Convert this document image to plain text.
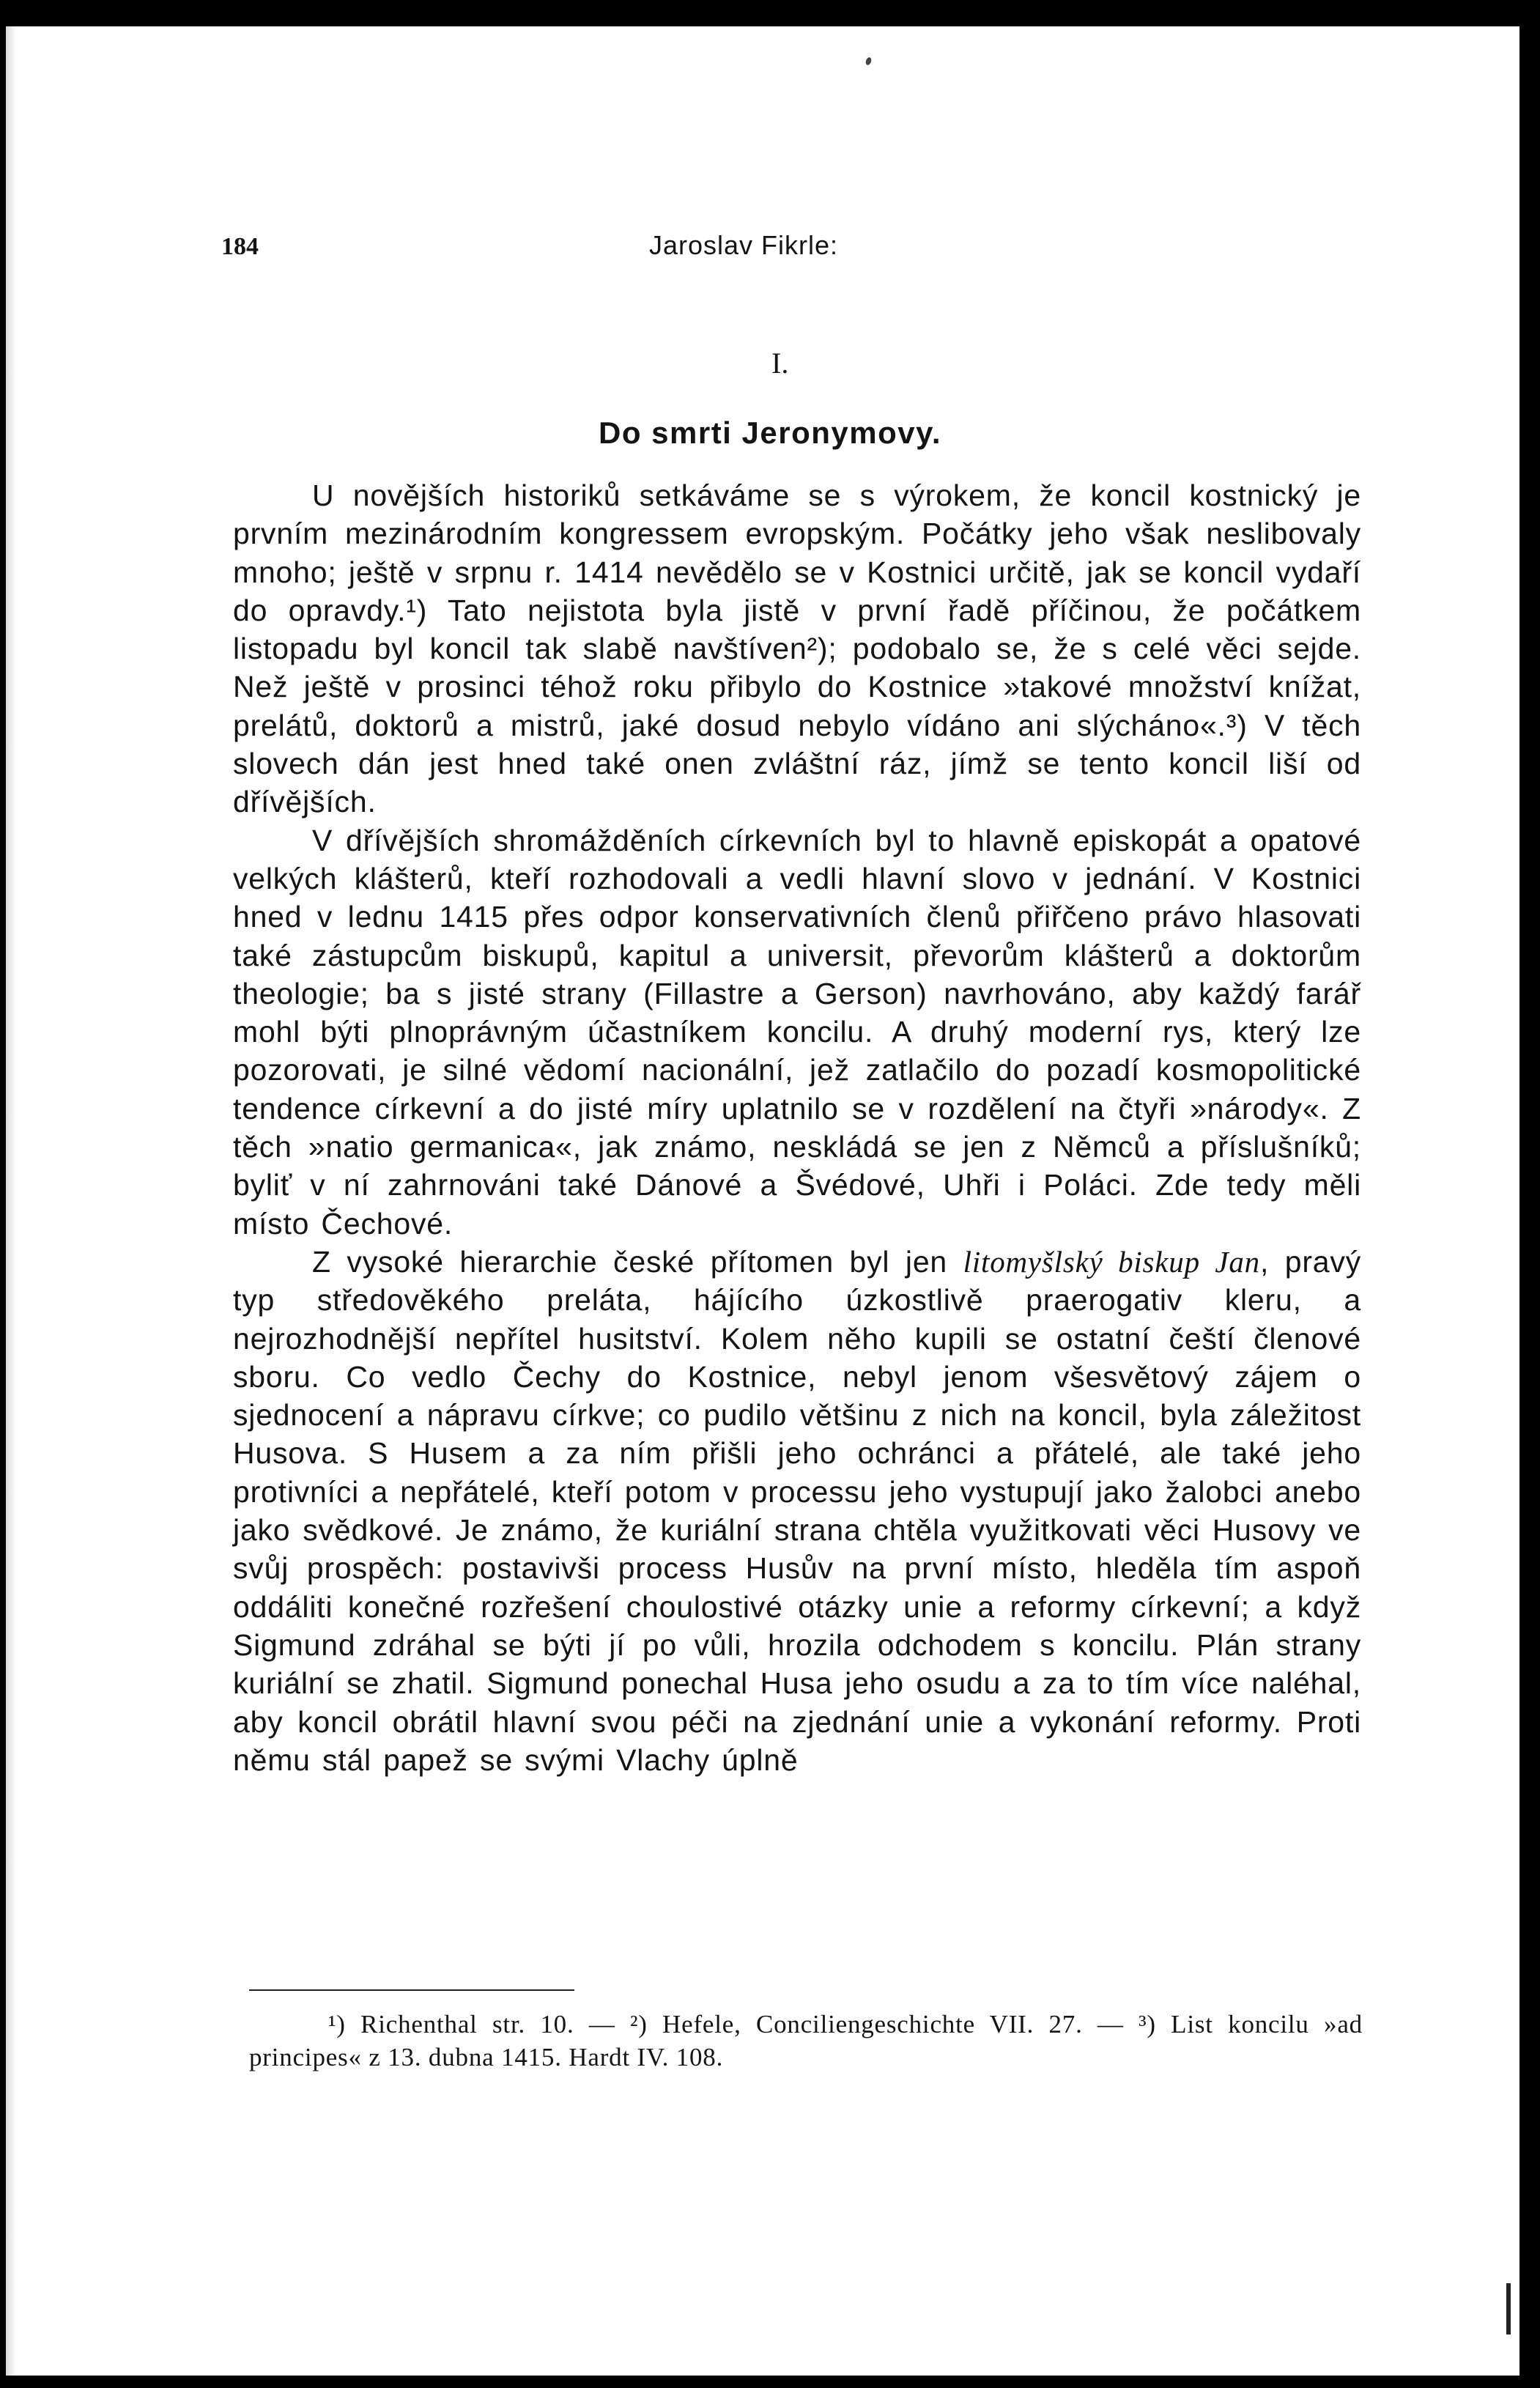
184	Jaroslav Fikrle:
I.
Do smrti Jeronymovy.

U novějších historiků setkáváme se s výrokem, že koncil kostnický je prvním mezinárodním kongressem evropským. Počátky jeho však neslibovaly mnoho; ještě v srpnu r. 1414 nevědělo se v Kostnici určitě, jak se koncil vydaří do opravdy.¹) Tato nejistota byla jistě v první řadě příčinou, že počátkem listopadu byl koncil tak slabě navštíven²); podobalo se, že s celé věci sejde. Než ještě v prosinci téhož roku přibylo do Kostnice »takové množství knížat, prelátů, doktorů a mistrů, jaké dosud nebylo vídáno ani slýcháno«.³) V těch slovech dán jest hned také onen zvláštní ráz, jímž se tento koncil liší od dřívějších.

V dřívějších shromážděních církevních byl to hlavně episkopát a opatové velkých klášterů, kteří rozhodovali a vedli hlavní slovo v jednání. V Kostnici hned v lednu 1415 přes odpor konservativních členů přiřčeno právo hlasovati také zástupcům biskupů, kapitul a universit, převorům klášterů a doktorům theologie; ba s jisté strany (Fillastre a Gerson) navrhováno, aby každý farář mohl býti plnoprávným účastníkem koncilu. A druhý moderní rys, který lze pozorovati, je silné vědomí nacionální, jež zatlačilo do pozadí kosmopolitické tendence církevní a do jisté míry uplatnilo se v rozdělení na čtyři »národy«. Z těch »natio germanica«, jak známo, neskládá se jen z Němců a příslušníků; byliť v ní zahrnováni také Dánové a Švédové, Uhři i Poláci. Zde tedy měli místo Čechové.

Z vysoké hierarchie české přítomen byl jen litomyšlský biskup Jan, pravý typ středověkého preláta, hájícího úzkostlivě praerogativ kleru, a nejrozhodnější nepřítel husitství. Kolem něho kupili se ostatní čeští členové sboru. Co vedlo Čechy do Kostnice, nebyl jenom všesvětový zájem o sjednocení a nápravu církve; co pudilo většinu z nich na koncil, byla záležitost Husova. S Husem a za ním přišli jeho ochránci a přátelé, ale také jeho protivníci a nepřátelé, kteří potom v processu jeho vystupují jako žalobci anebo jako svědkové. Je známo, že kuriální strana chtěla využitkovati věci Husovy ve svůj prospěch: postavivši process Husův na první místo, hleděla tím aspoň oddáliti konečné rozřešení choulostivé otázky unie a reformy církevní; a když Sigmund zdráhal se býti jí po vůli, hrozila odchodem s koncilu. Plán strany kuriální se zhatil. Sigmund ponechal Husa jeho osudu a za to tím více naléhal, aby koncil obrátil hlavní svou péči na zjednání unie a vykonání reformy. Proti němu stál papež se svými Vlachy úplně

¹) Richenthal str. 10. — ²) Hefele, Conciliengeschichte VII. 27. — ³) List koncilu »ad principes« z 13. dubna 1415. Hardt IV. 108.
